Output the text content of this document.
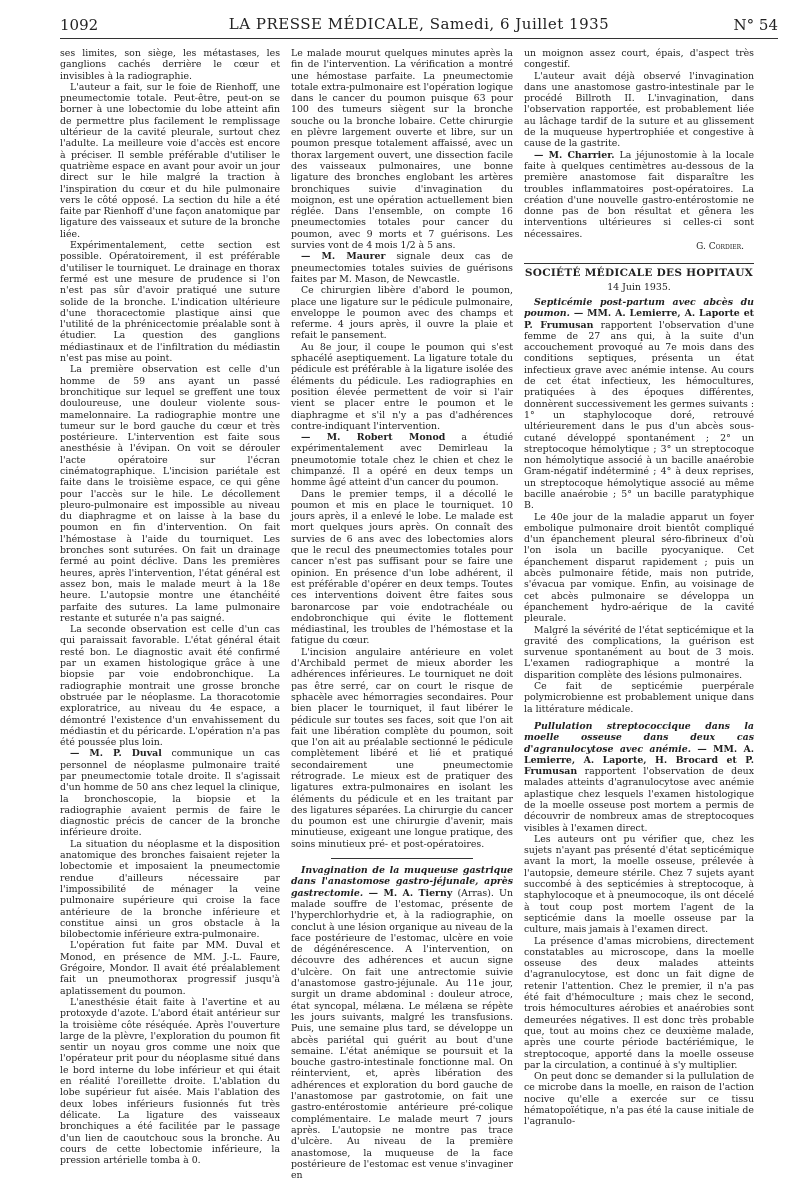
1092	LA PRESSE MÉDICALE, Samedi, 6 Juillet 1935	N° 54

ses limites, son siège, les métastases, les ganglions cachés derrière le cœur et invisibles à la radiographie.

L'auteur a fait, sur le foie de Rienhoff, une pneumectomie totale. Peut-être, peut-on se borner à une lobectomie du lobe atteint afin de permettre plus facilement le remplissage ultérieur de la cavité pleurale, surtout chez l'adulte. La meilleure voie d'accès est encore à préciser. Il semble préférable d'utiliser le quatrième espace en avant pour avoir un jour direct sur le hile malgré la traction à l'inspiration du cœur et du hile pulmonaire vers le côté opposé. La section du hile a été faite par Rienhoff d'une façon anatomique par ligature des vaisseaux et suture de la bronche liée.

Expérimentalement, cette section est possible. Opératoirement, il est préférable d'utiliser le tourniquet. Le drainage en thorax fermé est une mesure de prudence si l'on n'est pas sûr d'avoir pratiqué une suture solide de la bronche. L'indication ultérieure d'une thoracectomie plastique ainsi que l'utilité de la phrénicectomie préalable sont à étudier. La question des ganglions médiastinaux et de l'infiltration du médiastin n'est pas mise au point.

La première observation est celle d'un homme de 59 ans ayant un passé bronchitique sur lequel se greffent une toux douloureuse, une douleur violente sous-mamelonnaire. La radiographie montre une tumeur sur le bord gauche du cœur et très postérieure. L'intervention est faite sous anesthésie à l'évipan. On voit se dérouler l'acte opératoire sur l'écran cinématographique. L'incision pariétale est faite dans le troisième espace, ce qui gêne pour l'accès sur le hile. Le décollement pleuro-pulmonaire est impossible au niveau du diaphragme et on laisse à la base du poumon en fin d'intervention. On fait l'hémostase à l'aide du tourniquet. Les bronches sont suturées. On fait un drainage fermé au point déclive. Dans les premières heures, après l'intervention, l'état général est assez bon, mais le malade meurt à la 18e heure. L'autopsie montre une étanchéité parfaite des sutures. La lame pulmonaire restante et suturée n'a pas saigné.

La seconde observation est celle d'un cas qui paraissait favorable. L'état général était resté bon. Le diagnostic avait été confirmé par un examen histologique grâce à une biopsie par voie endobronchique. La radiographie montrait une grosse bronche obstruée par le néoplasme. La thoracotomie exploratrice, au niveau du 4e espace, a démontré l'existence d'un envahissement du médiastin et du péricarde. L'opération n'a pas été poussée plus loin.

— M. P. Duval communique un cas personnel de néoplasme pulmonaire traité par pneumectomie totale droite. Il s'agissait d'un homme de 50 ans chez lequel la clinique, la bronchoscopie, la biopsie et la radiographie avaient permis de faire le diagnostic précis de cancer de la bronche inférieure droite.

La situation du néoplasme et la disposition anatomique des bronches faisaient rejeter la lobectomie et imposaient la pneumectomie rendue d'ailleurs nécessaire par l'impossibilité de ménager la veine pulmonaire supérieure qui croise la face antérieure de la bronche inférieure et constitue ainsi un gros obstacle à la bilobectomie inférieure extra-pulmonaire.

L'opération fut faite par MM. Duval et Monod, en présence de MM. J.-L. Faure, Grégoire, Mondor. Il avait été préalablement fait un pneumothorax progressif jusqu'à aplatissement du poumon.

L'anesthésie était faite à l'avertine et au protoxyde d'azote. L'abord était antérieur sur la troisième côte réséquée. Après l'ouverture large de la plèvre, l'exploration du poumon fit sentir un noyau gros comme une noix que l'opérateur prit pour du néoplasme situé dans le bord interne du lobe inférieur et qui était en réalité l'oreillette droite. L'ablation du lobe supérieur fut aisée. Mais l'ablation des deux lobes inférieurs fusionnés fut très délicate. La ligature des vaisseaux bronchiques a été facilitée par le passage d'un lien de caoutchouc sous la bronche. Au cours de cette lobectomie inférieure, la pression artérielle tomba à 0.

Le malade mourut quelques minutes après la fin de l'intervention. La vérification a montré une hémostase parfaite. La pneumectomie totale extra-pulmonaire est l'opération logique dans le cancer du poumon puisque 63 pour 100 des tumeurs siègent sur la bronche souche ou la bronche lobaire. Cette chirurgie en plèvre largement ouverte et libre, sur un poumon presque totalement affaissé, avec un thorax largement ouvert, une dissection facile des vaisseaux pulmonaires, une bonne ligature des bronches englobant les artères bronchiques suivie d'invagination du moignon, est une opération actuellement bien réglée. Dans l'ensemble, on compte 16 pneumectomies totales pour cancer du poumon, avec 9 morts et 7 guérisons. Les survies vont de 4 mois 1/2 à 5 ans.

— M. Maurer signale deux cas de pneumectomies totales suivies de guérisons faites par M. Mason, de Newcastle.

Ce chirurgien libère d'abord le poumon, place une ligature sur le pédicule pulmonaire, enveloppe le poumon avec des champs et referme. 4 jours après, il ouvre la plaie et refait le pansement.

Au 8e jour, il coupe le poumon qui s'est sphacélé aseptiquement. La ligature totale du pédicule est préférable à la ligature isolée des éléments du pédicule. Les radiographies en position élevée permettent de voir si l'air vient se placer entre le poumon et le diaphragme et s'il n'y a pas d'adhérences contre-indiquant l'intervention.

— M. Robert Monod a étudié expérimentalement avec Demirleau la pneumotomie totale chez le chien et chez le chimpanzé. Il a opéré en deux temps un homme âgé atteint d'un cancer du poumon.

Dans le premier temps, il a décollé le poumon et mis en place le tourniquet. 10 jours après, il a enlevé le lobe. Le malade est mort quelques jours après. On connaît des survies de 6 ans avec des lobectomies alors que le recul des pneumectomies totales pour cancer n'est pas suffisant pour se faire une opinion. En présence d'un lobe adhérent, il est préférable d'opérer en deux temps. Toutes ces interventions doivent être faites sous baronarcose par voie endotrachéale ou endobronchique qui évite le flottement médiastinal, les troubles de l'hémostase et la fatigue du cœur.

L'incision angulaire antérieure en volet d'Archibald permet de mieux aborder les adhérences inférieures. Le tourniquet ne doit pas être serré, car on court le risque de sphacèle avec hémorragies secondaires. Pour bien placer le tourniquet, il faut libérer le pédicule sur toutes ses faces, soit que l'on ait fait une libération complète du poumon, soit que l'on ait au préalable sectionné le pédicule complètement libéré et lié et pratiqué secondairement une pneumectomie rétrograde. Le mieux est de pratiquer des ligatures extra-pulmonaires en isolant les éléments du pédicule et en les traitant par des ligatures séparées. La chirurgie du cancer du poumon est une chirurgie d'avenir, mais minutieuse, exigeant une longue pratique, des soins minutieux pré- et post-opératoires.

Invagination de la muqueuse gastrique dans l'anastomose gastro-jéjunale, après gastrectomie. — M. A. Tierny (Arras). Un malade souffre de l'estomac, présente de l'hyperchlorhydrie et, à la radiographie, on conclut à une lésion organique au niveau de la face postérieure de l'estomac, ulcère en voie de dégénérescence. A l'intervention, on découvre des adhérences et aucun signe d'ulcère. On fait une antrectomie suivie d'anastomose gastro-jéjunale. Au 11e jour, surgit un drame abdominal : douleur atroce, état syncopal, mélæna. Le mélæna se répète les jours suivants, malgré les transfusions. Puis, une semaine plus tard, se développe un abcès pariétal qui guérit au bout d'une semaine. L'état anémique se poursuit et la bouche gastro-intestinale fonctionne mal. On réintervient, et, après libération des adhérences et exploration du bord gauche de l'anastomose par gastrotomie, on fait une gastro-entérostomie antérieure pré-colique complémentaire. Le malade meurt 7 jours après. L'autopsie ne montre pas trace d'ulcère. Au niveau de la première anastomose, la muqueuse de la face postérieure de l'estomac est venue s'invaginer en

un moignon assez court, épais, d'aspect très congestif.

L'auteur avait déjà observé l'invagination dans une anastomose gastro-intestinale par le procédé Billroth II. L'invagination, dans l'observation rapportée, est probablement liée au lâchage tardif de la suture et au glissement de la muqueuse hypertrophiée et congestive à cause de la gastrite.

— M. Charrier. La jéjunostomie à la locale faite à quelques centimètres au-dessous de la première anastomose fait disparaître les troubles inflammatoires post-opératoires. La création d'une nouvelle gastro-entérostomie ne donne pas de bon résultat et gênera les interventions ultérieures si celles-ci sont nécessaires.

G. Cordier.
SOCIÉTÉ MÉDICALE DES HOPITAUX
14 Juin 1935.

Septicémie post-partum avec abcès du poumon. — MM. A. Lemierre, A. Laporte et P. Frumusan rapportent l'observation d'une femme de 27 ans qui, à la suite d'un accouchement provoqué au 7e mois dans des conditions septiques, présenta un état infectieux grave avec anémie intense. Au cours de cet état infectieux, les hémocultures, pratiquées à des époques différentes, donnèrent successivement les germes suivants : 1° un staphylocoque doré, retrouvé ultérieurement dans le pus d'un abcès sous-cutané développé spontanément ; 2° un streptocoque hémolytique ; 3° un streptocoque non hémolytique associé à un bacille anaérobie Gram-négatif indéterminé ; 4° à deux reprises, un streptocoque hémolytique associé au même bacille anaérobie ; 5° un bacille paratyphique B.

Le 40e jour de la maladie apparut un foyer embolique pulmonaire droit bientôt compliqué d'un épanchement pleural séro-fibrineux d'où l'on isola un bacille pyocyanique. Cet épanchement disparut rapidement ; puis un abcès pulmonaire fétide, mais non putride, s'évacua par vomique. Enfin, au voisinage de cet abcès pulmonaire se développa un épanchement hydro-aérique de la cavité pleurale.

Malgré la sévérité de l'état septicémique et la gravité des complications, la guérison est survenue spontanément au bout de 3 mois. L'examen radiographique a montré la disparition complète des lésions pulmonaires.

Ce fait de septicémie puerpérale polymicrobienne est probablement unique dans la littérature médicale.

Pullulation streptococcique dans la moelle osseuse dans deux cas d'agranulocytose avec anémie. — MM. A. Lemierre, A. Laporte, H. Brocard et P. Frumusan rapportent l'observation de deux malades atteints d'agranulocytose avec anémie aplastique chez lesquels l'examen histologique de la moelle osseuse post mortem a permis de découvrir de nombreux amas de streptocoques visibles à l'examen direct.

Les auteurs ont pu vérifier que, chez les sujets n'ayant pas présenté d'état septicémique avant la mort, la moelle osseuse, prélevée à l'autopsie, demeure stérile. Chez 7 sujets ayant succombé à des septicémies à streptocoque, à staphylocoque et à pneumocoque, ils ont décelé à tout coup post mortem l'agent de la septicémie dans la moelle osseuse par la culture, mais jamais à l'examen direct.

La présence d'amas microbiens, directement constatables au microscope, dans la moelle osseuse des deux malades atteints d'agranulocytose, est donc un fait digne de retenir l'attention. Chez le premier, il n'a pas été fait d'hémoculture ; mais chez le second, trois hémocultures aérobies et anaérobies sont demeurées négatives. Il est donc très probable que, tout au moins chez ce deuxième malade, après une courte période bactériémique, le streptocoque, apporté dans la moelle osseuse par la circulation, a continué à s'y multiplier.

On peut donc se demander si la pullulation de ce microbe dans la moelle, en raison de l'action nocive qu'elle a exercée sur ce tissu hématopoïétique, n'a pas été la cause initiale de l'agranulo-
